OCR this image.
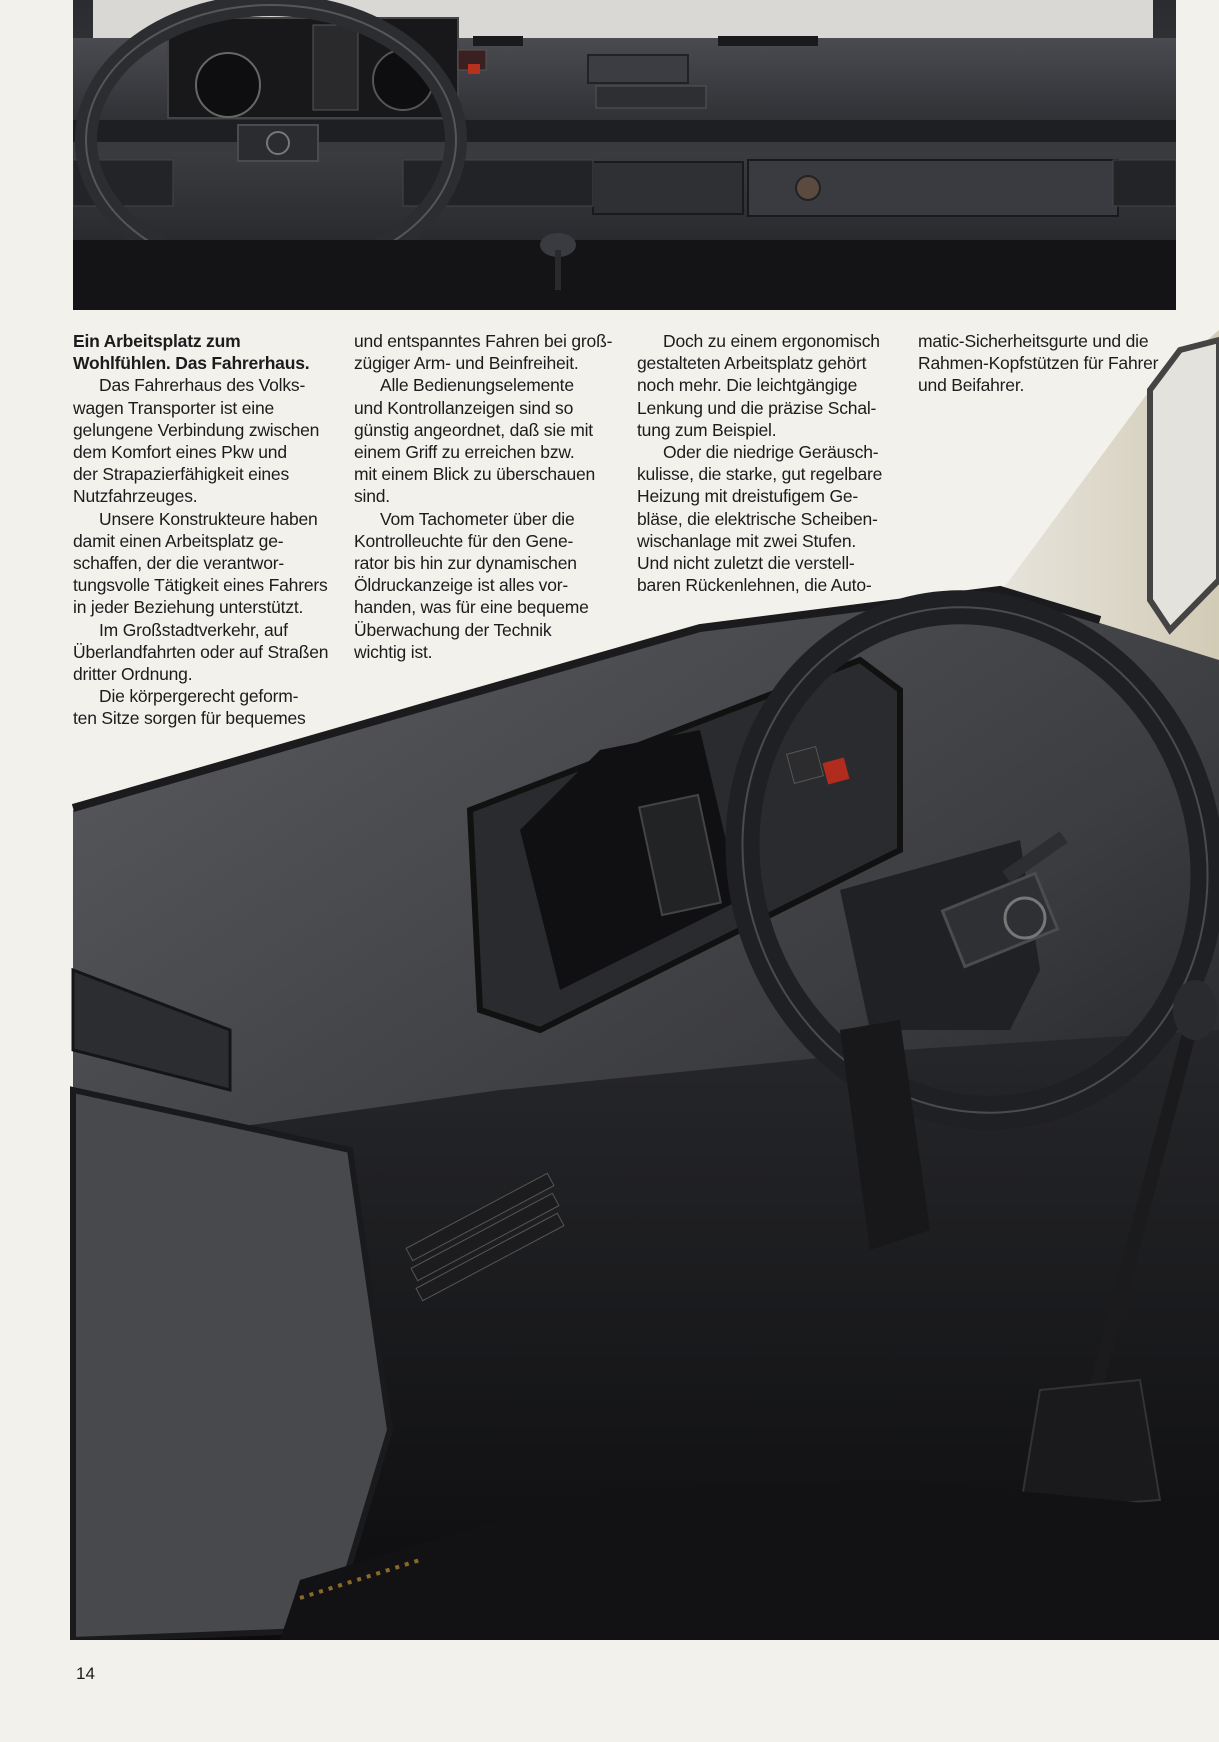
Ein Arbeitsplatz zum

Wohlfühlen. Das Fahrerhaus.

Das Fahrerhaus des Volks-

wagen Transporter ist eine

gelungene Verbindung zwischen

dem Komfort eines Pkw und

der Strapazierfähigkeit eines

Nutzfahrzeuges.

Unsere Konstrukteure haben

damit einen Arbeitsplatz ge-

schaffen, der die verantwor-

tungsvolle Tätigkeit eines Fahrers

in jeder Beziehung unterstützt.

Im Großstadtverkehr, auf

Überlandfahrten oder auf Straßen

dritter Ordnung.

Die körpergerecht geform-

ten Sitze sorgen für bequemes

und entspanntes Fahren bei groß-

zügiger Arm- und Beinfreiheit.

Alle Bedienungselemente

und Kontrollanzeigen sind so

günstig angeordnet, daß sie mit

einem Griff zu erreichen bzw.

mit einem Blick zu überschauen

sind.

Vom Tachometer über die

Kontrolleuchte für den Gene-

rator bis hin zur dynamischen

Öldruckanzeige ist alles vor-

handen, was für eine bequeme

Überwachung der Technik

wichtig ist.

Doch zu einem ergonomisch

gestalteten Arbeitsplatz gehört

noch mehr. Die leichtgängige

Lenkung und die präzise Schal-

tung zum Beispiel.

Oder die niedrige Geräusch-

kulisse, die starke, gut regelbare

Heizung mit dreistufigem Ge-

bläse, die elektrische Scheiben-

wischanlage mit zwei Stufen.

Und nicht zuletzt die verstell-

baren Rückenlehnen, die Auto-

matic-Sicherheitsgurte und die

Rahmen-Kopfstützen für Fahrer

und Beifahrer.

14
